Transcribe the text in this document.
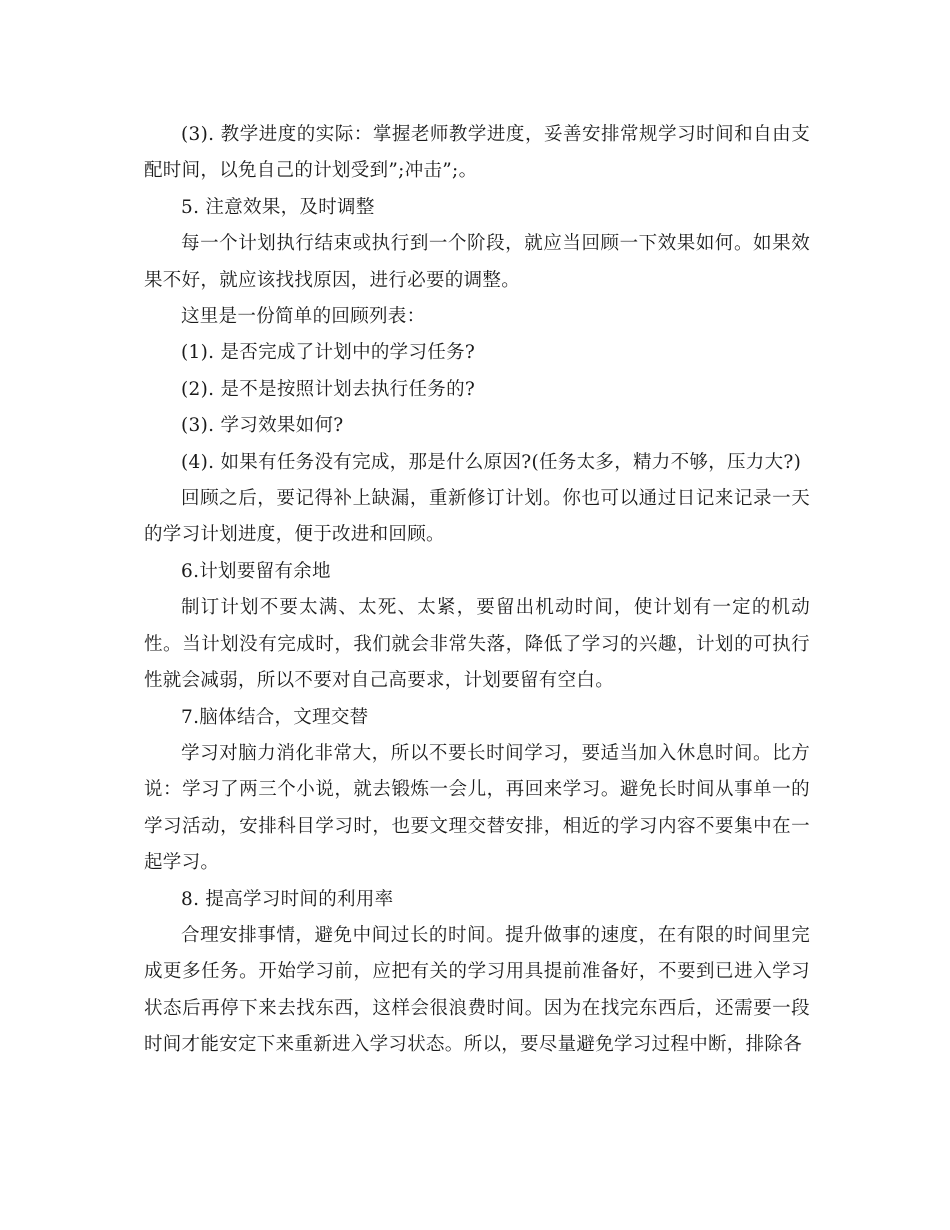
(3). 教学进度的实际：掌握老师教学进度，妥善安排常规学习时间和自由支配时间，以免自己的计划受到”;冲击”;。

5. 注意效果，及时调整

每一个计划执行结束或执行到一个阶段，就应当回顾一下效果如何。如果效果不好，就应该找找原因，进行必要的调整。

这里是一份简单的回顾列表：

(1). 是否完成了计划中的学习任务?

(2). 是不是按照计划去执行任务的?

(3). 学习效果如何?

(4). 如果有任务没有完成，那是什么原因?(任务太多，精力不够，压力大?)

回顾之后，要记得补上缺漏，重新修订计划。你也可以通过日记来记录一天的学习计划进度，便于改进和回顾。

6.计划要留有余地

制订计划不要太满、太死、太紧，要留出机动时间，使计划有一定的机动性。当计划没有完成时，我们就会非常失落，降低了学习的兴趣，计划的可执行性就会减弱，所以不要对自己高要求，计划要留有空白。

7.脑体结合，文理交替

学习对脑力消化非常大，所以不要长时间学习，要适当加入休息时间。比方说：学习了两三个小说，就去锻炼一会儿，再回来学习。避免长时间从事单一的学习活动，安排科目学习时，也要文理交替安排，相近的学习内容不要集中在一起学习。

8. 提高学习时间的利用率

合理安排事情，避免中间过长的时间。提升做事的速度，在有限的时间里完成更多任务。开始学习前，应把有关的学习用具提前准备好，不要到已进入学习状态后再停下来去找东西，这样会很浪费时间。因为在找完东西后，还需要一段时间才能安定下来重新进入学习状态。所以，要尽量避免学习过程中断，排除各
